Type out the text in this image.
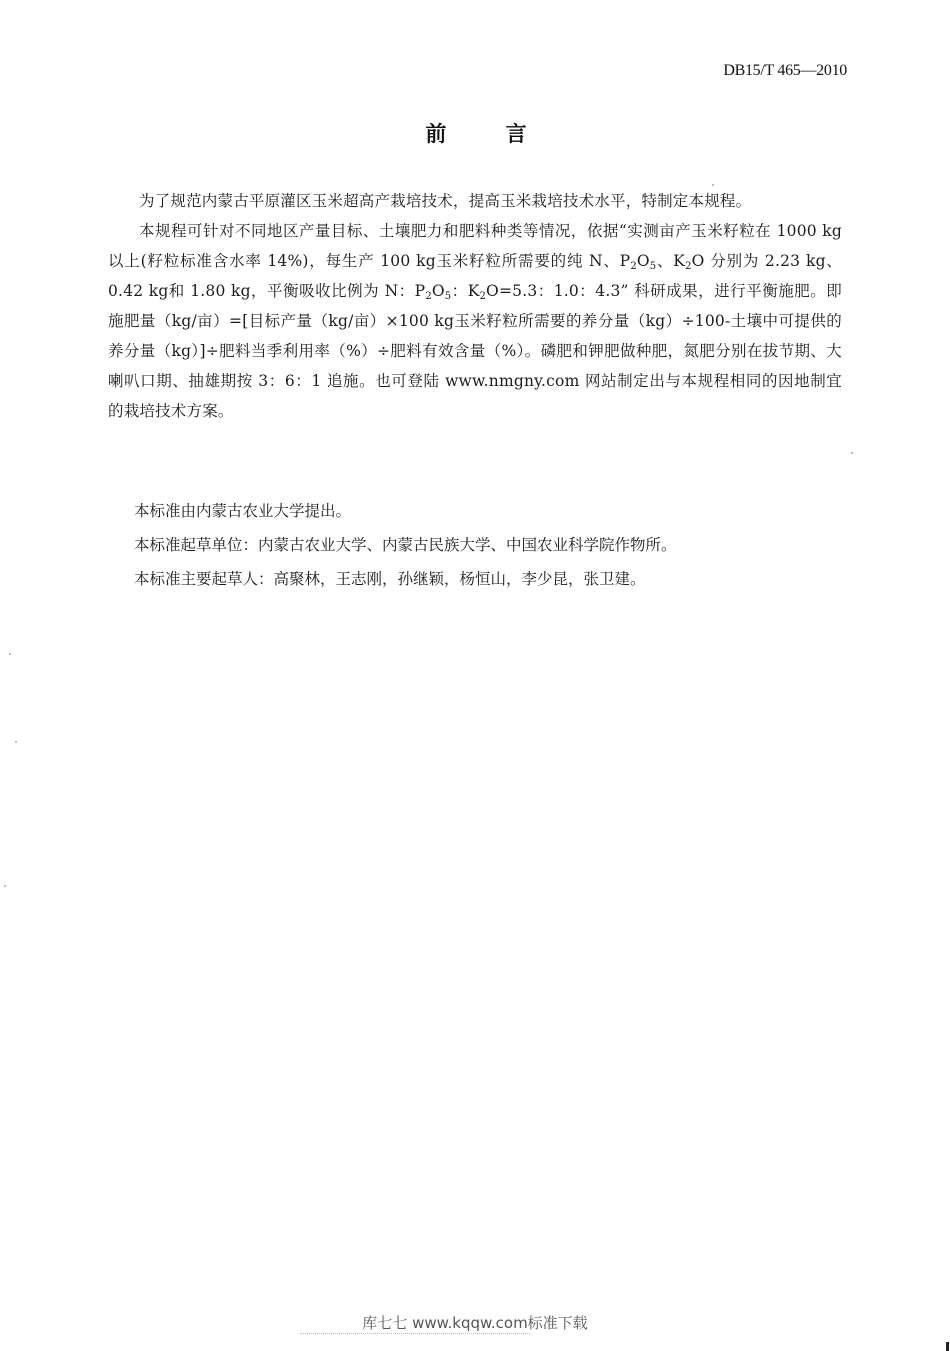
DB15/T 465—2010
前 言

为了规范内蒙古平原灌区玉米超高产栽培技术，提高玉米栽培技术水平，特制定本规程。

本规程可针对不同地区产量目标、土壤肥力和肥料种类等情况，依据“实测亩产玉米籽粒在 1000 kg 以上(籽粒标准含水率 14%)，每生产 100 kg玉米籽粒所需要的纯 N、$P_2O_5$、$K_2O$ 分别为 2.23 kg、0.42 kg和 1.80 kg，平衡吸收比例为 N：$P_2O_5$：$K_2O=5.3$：1.0：4.3” 科研成果，进行平衡施肥。即施肥量（kg/亩）=[目标产量（kg/亩）×100 kg玉米籽粒所需要的养分量（kg）÷100-土壤中可提供的养分量（kg）]÷肥料当季利用率（%）÷肥料有效含量（%）。磷肥和钾肥做种肥，氮肥分别在拔节期、大喇叭口期、抽雄期按 3：6：1 追施。也可登陆 www.nmgny.com 网站制定出与本规程相同的因地制宜的栽培技术方案。

本标准由内蒙古农业大学提出。

本标准起草单位：内蒙古农业大学、内蒙古民族大学、中国农业科学院作物所。

本标准主要起草人：高聚林，王志刚，孙继颖，杨恒山，李少昆，张卫建。

库七七 www.kqqw.com标准下载
